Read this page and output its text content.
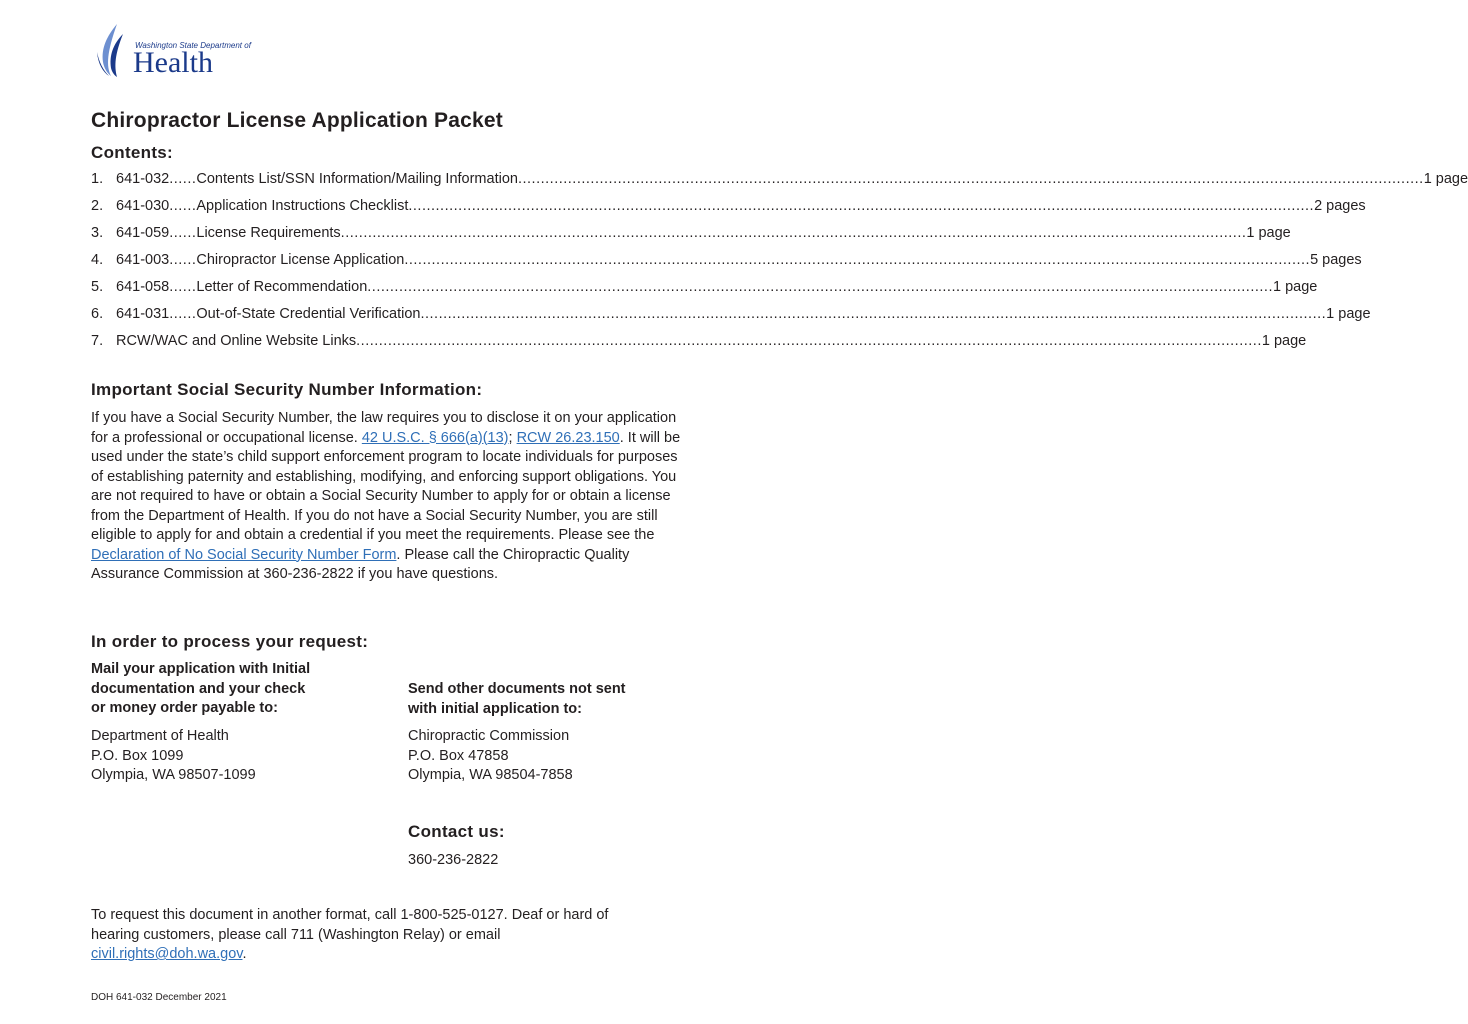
Washington State Department of
Health
Chiropractor License Application Packet
Contents:
1. 641-032 ...... Contents List/SSN Information/Mailing Information ........................................................................................................................................................................................................ 1 page
2. 641-030 ...... Application Instructions Checklist ........................................................................................................................................................................................................ 2 pages
3. 641-059 ...... License Requirements ........................................................................................................................................................................................................ 1 page
4. 641-003 ...... Chiropractor License Application ........................................................................................................................................................................................................ 5 pages
5. 641-058 ...... Letter of Recommendation ........................................................................................................................................................................................................ 1 page
6. 641-031 ...... Out-of-State Credential Verification ........................................................................................................................................................................................................ 1 page
7. RCW/WAC and Online Website Links ........................................................................................................................................................................................................ 1 page
Important Social Security Number Information:

If you have a Social Security Number, the law requires you to disclose it on your application for a professional or occupational license. 42 U.S.C. § 666(a)(13); RCW 26.23.150. It will be used under the state’s child support enforcement program to locate individuals for purposes of establishing paternity and establishing, modifying, and enforcing support obligations. You are not required to have or obtain a Social Security Number to apply for or obtain a license from the Department of Health. If you do not have a Social Security Number, you are still eligible to apply for and obtain a credential if you meet the requirements. Please see the Declaration of No Social Security Number Form. Please call the Chiropractic Quality Assurance Commission at 360-236-2822 if you have questions.

In order to process your request:
Mail your application with Initial
documentation and your check
or money order payable to:
Department of Health
P.O. Box 1099
Olympia, WA 98507-1099
Send other documents not sent
with initial application to:
Chiropractic Commission
P.O. Box 47858
Olympia, WA 98504-7858
Contact us:
360-236-2822

To request this document in another format, call 1-800-525-0127. Deaf or hard of hearing customers, please call 711 (Washington Relay) or email civil.rights@doh.wa.gov.

DOH 641-032 December 2021
